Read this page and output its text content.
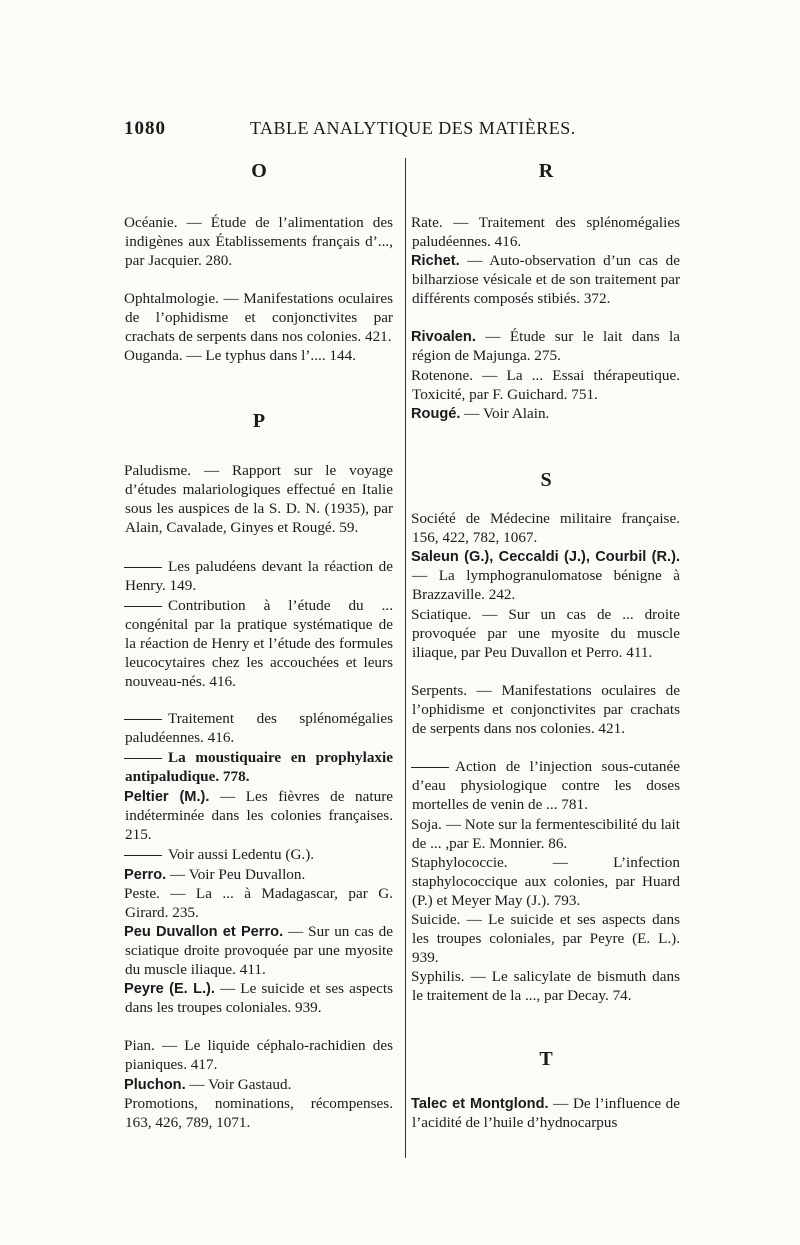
1080	TABLE ANALYTIQUE DES MATIÈRES.
O
Océanie. — Étude de l’alimentation des indigènes aux Établissements français d’..., par Jacquier. 280.
Ophtalmologie. — Manifestations oculaires de l’ophidisme et conjonctivites par crachats de serpents dans nos colonies. 421.
Ouganda. — Le typhus dans l’.... 144.
P
Paludisme. — Rapport sur le voyage d’études malariologiques effectué en Italie sous les auspices de la S. D. N. (1935), par Alain, Cavalade, Ginyes et Rougé. 59.
Les paludéens devant la réaction de Henry. 149.
Contribution à l’étude du ... congénital par la pratique systématique de la réaction de Henry et l’étude des formules leucocytaires chez les accouchées et leurs nouveau-nés. 416.
Traitement des splénomégalies paludéennes. 416.
La moustiquaire en prophylaxie antipaludique. 778.
Peltier (M.). — Les fièvres de nature indéterminée dans les colonies françaises. 215.
Voir aussi Ledentu (G.).
Perro. — Voir Peu Duvallon.
Peste. — La ... à Madagascar, par G. Girard. 235.
Peu Duvallon et Perro. — Sur un cas de sciatique droite provoquée par une myosite du muscle iliaque. 411.
Peyre (E. L.). — Le suicide et ses aspects dans les troupes coloniales. 939.
Pian. — Le liquide céphalo-rachidien des pianiques. 417.
Pluchon. — Voir Gastaud.
Promotions, nominations, récompenses. 163, 426, 789, 1071.
R
Rate. — Traitement des splénomégalies paludéennes. 416.
Richet. — Auto-observation d’un cas de bilharziose vésicale et de son traitement par différents composés stibiés. 372.
Rivoalen. — Étude sur le lait dans la région de Majunga. 275.
Rotenone. — La ... Essai thérapeutique. Toxicité, par F. Guichard. 751.
Rougé. — Voir Alain.
S
Société de Médecine militaire française. 156, 422, 782, 1067.
Saleun (G.), Ceccaldi (J.), Courbil (R.). — La lymphogranulomatose bénigne à Brazzaville. 242.
Sciatique. — Sur un cas de ... droite provoquée par une myosite du muscle iliaque, par Peu Duvallon et Perro. 411.
Serpents. — Manifestations oculaires de l’ophidisme et conjonctivites par crachats de serpents dans nos colonies. 421.
Action de l’injection sous-cutanée d’eau physiologique contre les doses mortelles de venin de ... 781.
Soja. — Note sur la fermentescibilité du lait de ... ,par E. Monnier. 86.
Staphylococcie. — L’infection staphylococcique aux colonies, par Huard (P.) et Meyer May (J.). 793.
Suicide. — Le suicide et ses aspects dans les troupes coloniales, par Peyre (E. L.). 939.
Syphilis. — Le salicylate de bismuth dans le traitement de la ..., par Decay. 74.
T
Talec et Montglond. — De l’influence de l’acidité de l’huile d’hydnocarpus
